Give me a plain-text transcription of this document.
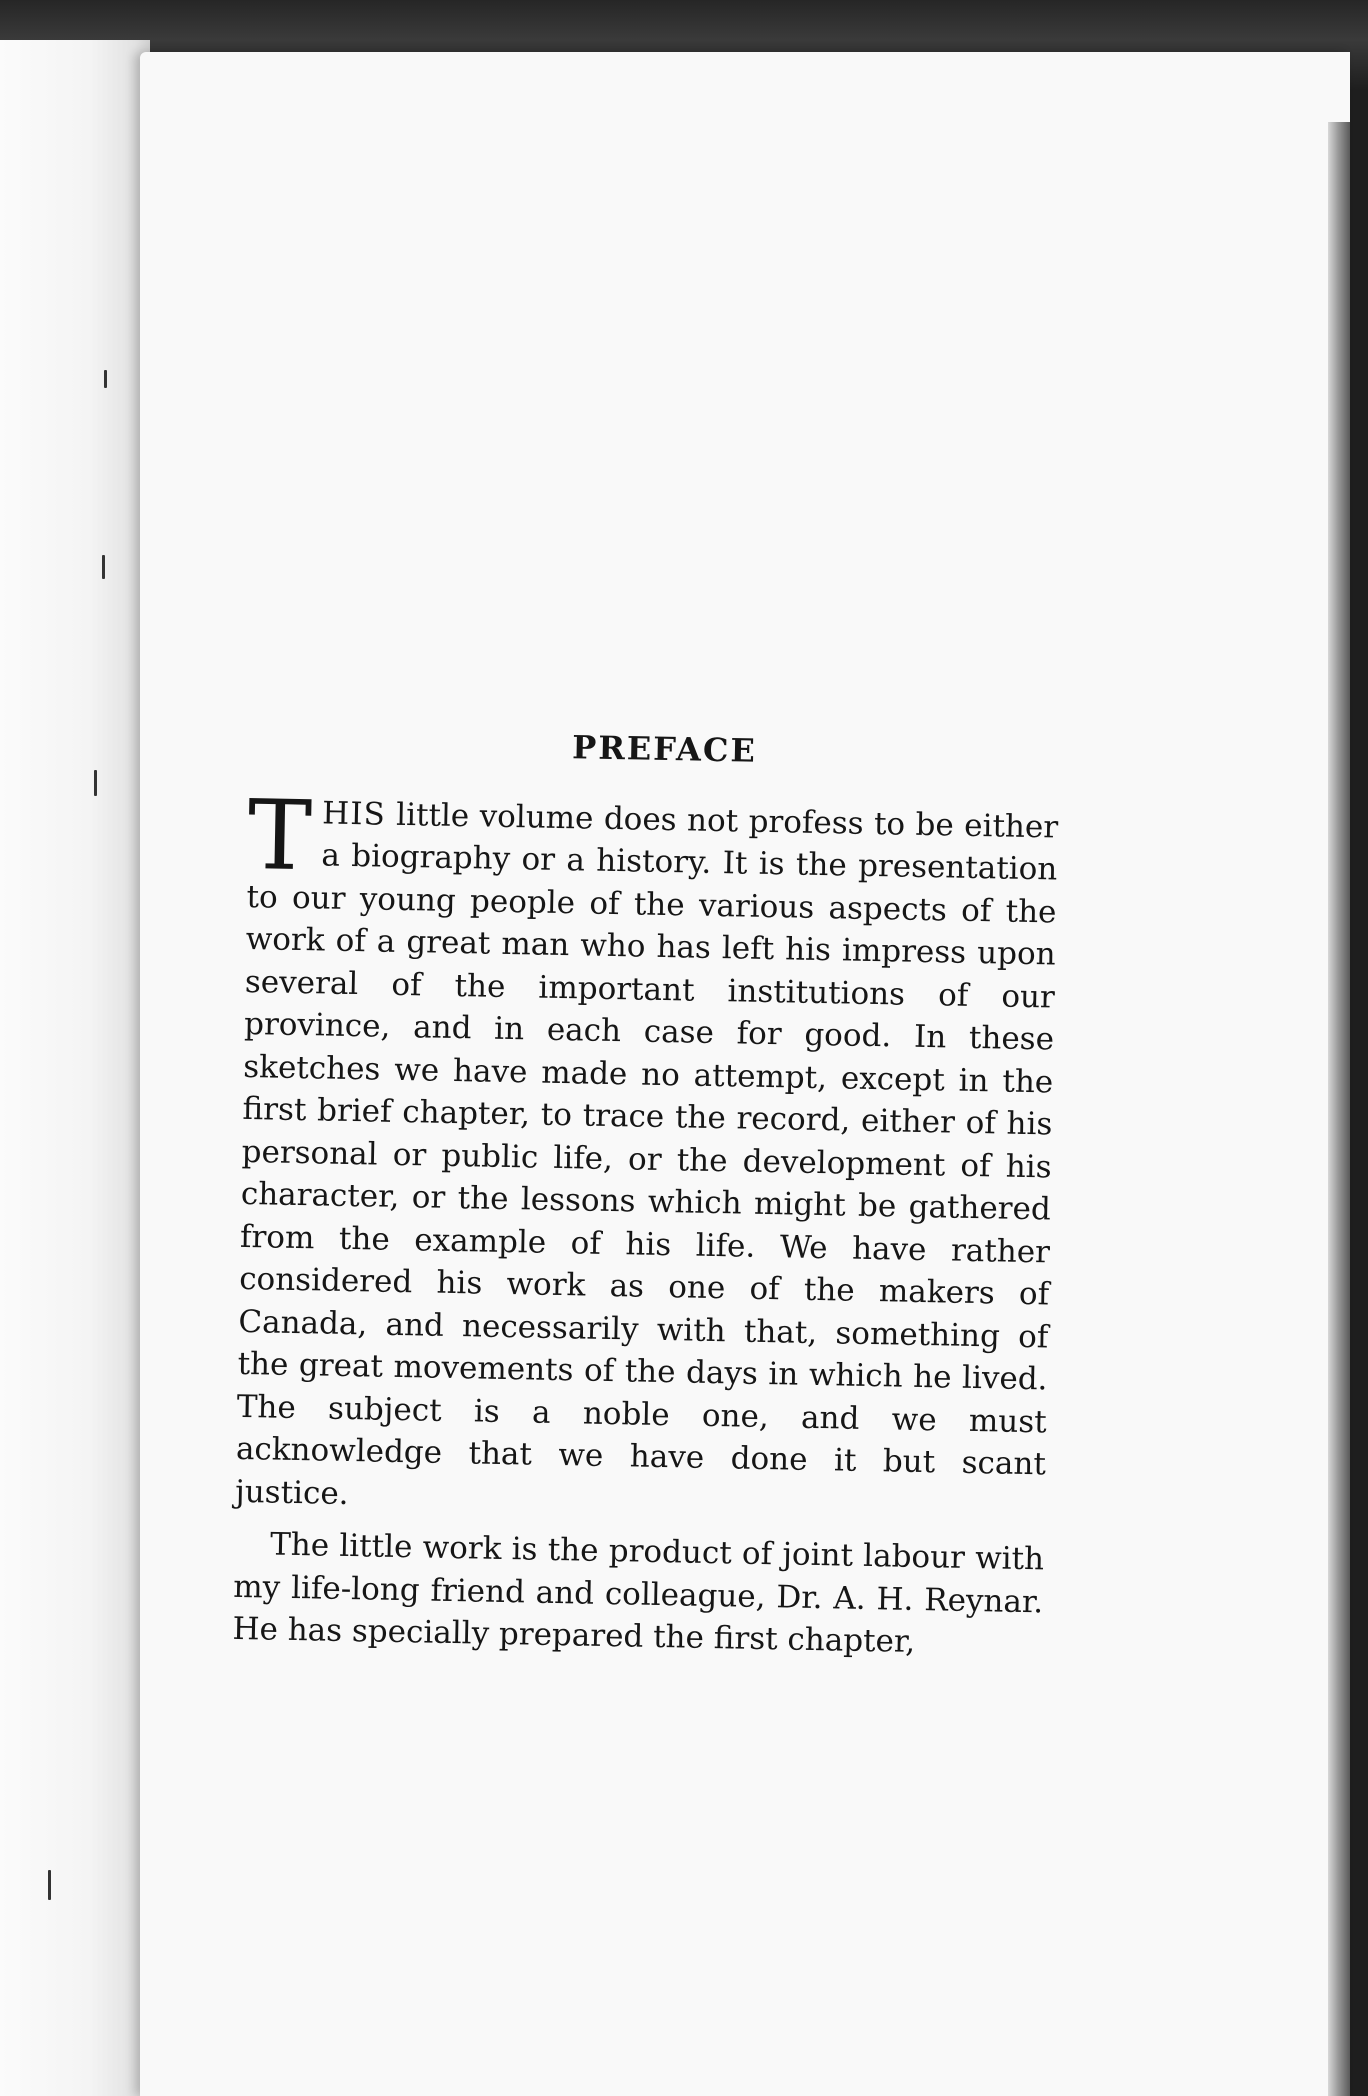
PREFACE

THIS little volume does not profess to be either a biography or a history. It is the presentation to our young people of the various aspects of the work of a great man who has left his impress upon several of the important institutions of our province, and in each case for good. In these sketches we have made no attempt, except in the first brief chapter, to trace the record, either of his personal or public life, or the development of his character, or the lessons which might be gathered from the example of his life. We have rather considered his work as one of the makers of Canada, and necessarily with that, something of the great movements of the days in which he lived. The subject is a noble one, and we must acknowledge that we have done it but scant justice.

The little work is the product of joint labour with my life-long friend and colleague, Dr. A. H. Reynar. He has specially prepared the first chapter,
